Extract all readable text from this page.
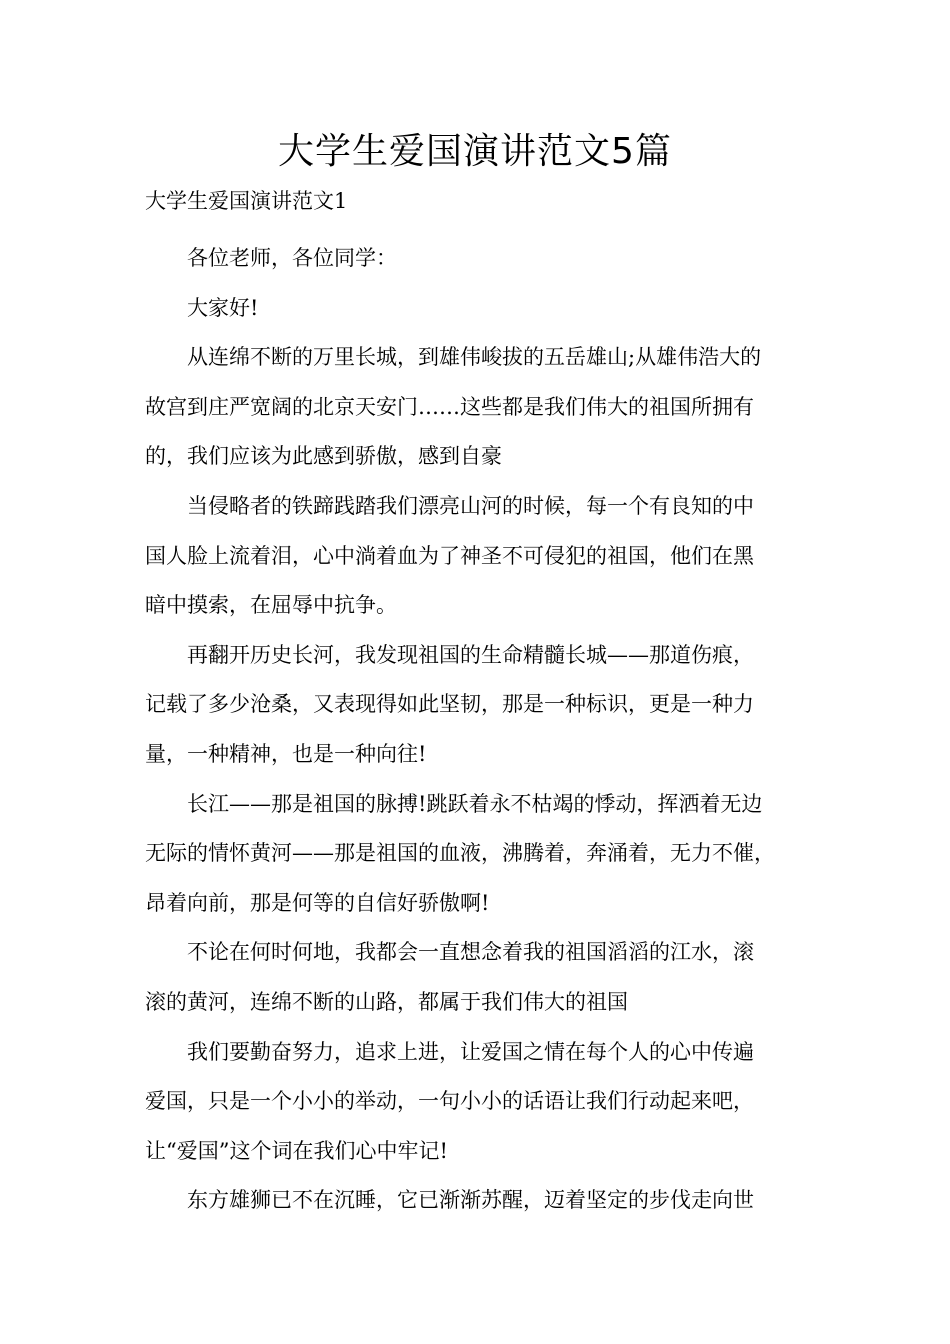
大学生爱国演讲范文5篇

大学生爱国演讲范文1

各位老师，各位同学：

大家好!

从连绵不断的万里长城，到雄伟峻拔的五岳雄山;从雄伟浩大的
故宫到庄严宽阔的北京天安门……这些都是我们伟大的祖国所拥有
的，我们应该为此感到骄傲，感到自豪

当侵略者的铁蹄践踏我们漂亮山河的时候，每一个有良知的中
国人脸上流着泪，心中淌着血为了神圣不可侵犯的祖国，他们在黑
暗中摸索，在屈辱中抗争。

再翻开历史长河，我发现祖国的生命精髓长城——那道伤痕，
记载了多少沧桑，又表现得如此坚韧，那是一种标识，更是一种力
量，一种精神，也是一种向往!

长江——那是祖国的脉搏!跳跃着永不枯竭的悸动，挥洒着无边
无际的情怀黄河——那是祖国的血液，沸腾着，奔涌着，无力不催，
昂着向前，那是何等的自信好骄傲啊!

不论在何时何地，我都会一直想念着我的祖国滔滔的江水，滚
滚的黄河，连绵不断的山路，都属于我们伟大的祖国

我们要勤奋努力，追求上进，让爱国之情在每个人的心中传遍
爱国，只是一个小小的举动，一句小小的话语让我们行动起来吧，
让“爱国”这个词在我们心中牢记!

东方雄狮已不在沉睡，它已渐渐苏醒，迈着坚定的步伐走向世
